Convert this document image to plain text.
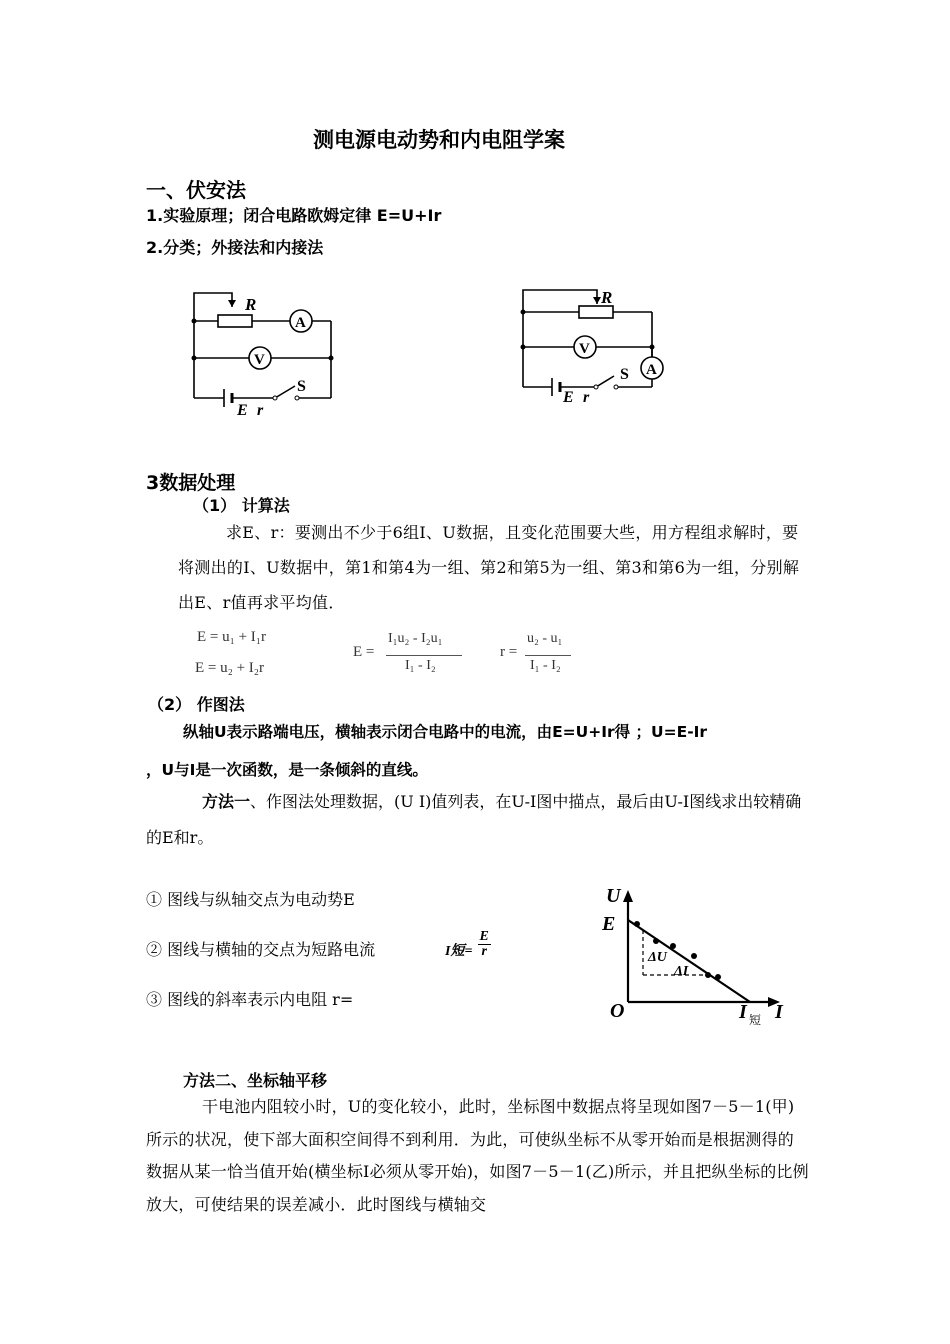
测电源电动势和内电阻学案
一、伏安法
1.实验原理；闭合电路欧姆定律 E=U+Ir
2.分类；外接法和内接法
R
A
V
S
E r
R
V
A
S
E r
3数据处理
（1） 计算法
求E、r：要测出不少于6组I、U数据，且变化范围要大些，用方程组求解时，要将测出的I、U数据中，第1和第4为一组、第2和第5为一组、第3和第6为一组，分别解出E、r值再求平均值．
E = u₁ + I₁r
E = u₂ + I₂r
E =
I₁u₂ - I₂u₁
I₁ - I₂
r =
u₂ - u₁
I₁ - I₂
（2） 作图法
纵轴U表示路端电压，横轴表示闭合电路中的电流，由E=U+Ir得 ；U=E-Ir
，U与I是一次函数，是一条倾斜的直线。
方法一、作图法处理数据，(U I)值列表，在U-I图中描点，最后由U-I图线求出较精确的E和r。
① 图线与纵轴交点为电动势E
② 图线与横轴的交点为短路电流	I短= $\frac{E}{r}$
③ 图线的斜率表示内电阻 r=
U
E
O	I 短 I
ΔU
ΔI
方法二、坐标轴平移
干电池内阻较小时，U的变化较小，此时，坐标图中数据点将呈现如图7－5－1(甲)所示的状况，使下部大面积空间得不到利用．为此，可使纵坐标不从零开始而是根据测得的数据从某一恰当值开始(横坐标I必须从零开始)，如图7－5－1(乙)所示，并且把纵坐标的比例放大，可使结果的误差减小．此时图线与横轴交
